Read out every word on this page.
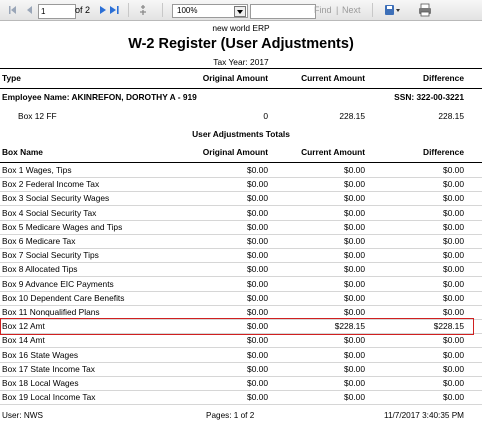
1
of 2	100%	Find | Next
new world ERP
W-2 Register (User Adjustments)
Tax Year: 2017
Type	Original Amount	Current Amount	Difference
Employee Name: AKINREFON, DOROTHY A - 919	SSN: 322-00-3221
Box 12 FF	0	228.15	228.15
User Adjustments Totals
Box Name	Original Amount	Current Amount	Difference
Box 1 Wages, Tips	$0.00	$0.00	$0.00
Box 2 Federal Income Tax	$0.00	$0.00	$0.00
Box 3 Social Security Wages	$0.00	$0.00	$0.00
Box 4 Social Security Tax	$0.00	$0.00	$0.00
Box 5 Medicare Wages and Tips	$0.00	$0.00	$0.00
Box 6 Medicare Tax	$0.00	$0.00	$0.00
Box 7 Social Security Tips	$0.00	$0.00	$0.00
Box 8 Allocated Tips	$0.00	$0.00	$0.00
Box 9 Advance EIC Payments	$0.00	$0.00	$0.00
Box 10 Dependent Care Benefits	$0.00	$0.00	$0.00
Box 11 Nonqualified Plans	$0.00	$0.00	$0.00
Box 12 Amt	$0.00	$228.15	$228.15
Box 14 Amt	$0.00	$0.00	$0.00
Box 16 State Wages	$0.00	$0.00	$0.00
Box 17 State Income Tax	$0.00	$0.00	$0.00
Box 18 Local Wages	$0.00	$0.00	$0.00
Box 19 Local Income Tax	$0.00	$0.00	$0.00
User: NWS	Pages: 1 of 2	11/7/2017 3:40:35 PM
